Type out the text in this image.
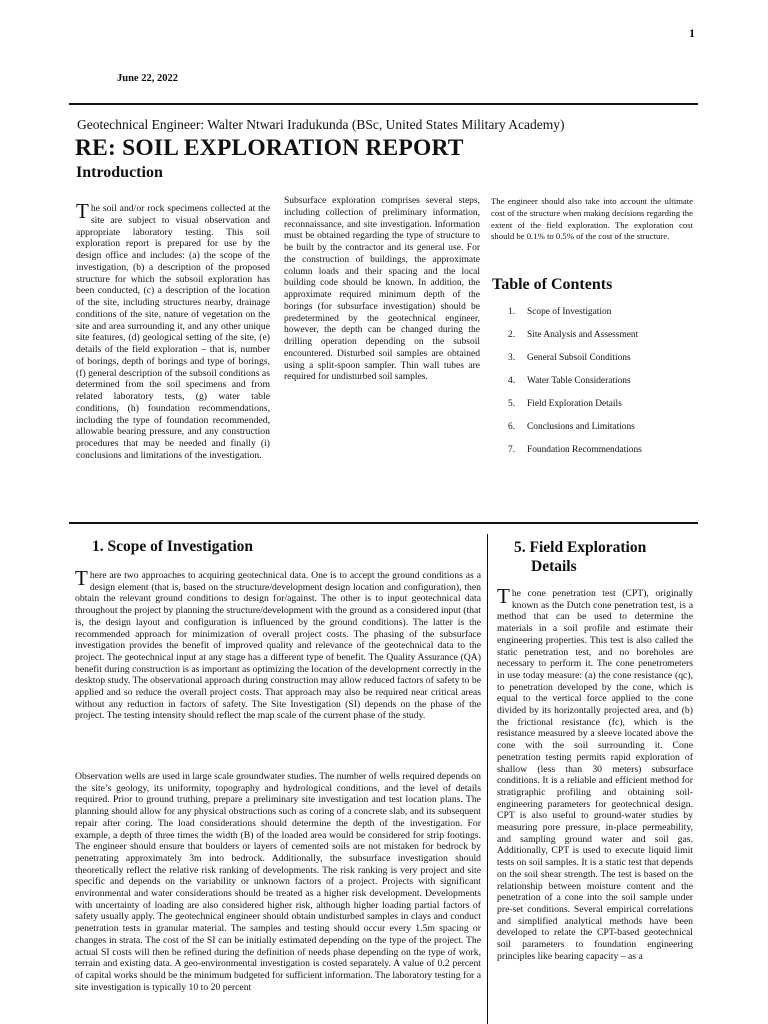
1
June 22, 2022
Geotechnical Engineer: Walter Ntwari Iradukunda (BSc, United States Military Academy)
RE: SOIL EXPLORATION REPORT
Introduction

The soil and/or rock specimens collected at the site are subject to visual observation and appropriate laboratory testing. This soil exploration report is prepared for use by the design office and includes: (a) the scope of the investigation, (b) a description of the proposed structure for which the subsoil exploration has been conducted, (c) a description of the location of the site, including structures nearby, drainage conditions of the site, nature of vegetation on the site and area surrounding it, and any other unique site features, (d) geological setting of the site, (e) details of the field exploration – that is, number of borings, depth of borings and type of borings, (f) general description of the subsoil conditions as determined from the soil specimens and from related laboratory tests, (g) water table conditions, (h) foundation recommendations, including the type of foundation recommended, allowable bearing pressure, and any construction procedures that may be needed and finally (i) conclusions and limitations of the investigation.

Subsurface exploration comprises several steps, including collection of preliminary information, reconnaissance, and site investigation. Information must be obtained regarding the type of structure to be built by the contractor and its general use. For the construction of buildings, the approximate column loads and their spacing and the local building code should be known. In addition, the approximate required minimum depth of the borings (for subsurface investigation) should be predetermined by the geotechnical engineer, however, the depth can be changed during the drilling operation depending on the subsoil encountered. Disturbed soil samples are obtained using a split-spoon sampler. Thin wall tubes are required for undisturbed soil samples.

The engineer should also take into account the ultimate cost of the structure when making decisions regarding the extent of the field exploration. The exploration cost should be 0.1% to 0.5% of the cost of the structure.

Table of Contents
1. Scope of Investigation
2. Site Analysis and Assessment
3. General Subsoil Conditions
4. Water Table Considerations
5. Field Exploration Details
6. Conclusions and Limitations
7. Foundation Recommendations
1. Scope of Investigation

There are two approaches to acquiring geotechnical data. One is to accept the ground conditions as a design element (that is, based on the structure/development design location and configuration), then obtain the relevant ground conditions to design for/against. The other is to input geotechnical data throughout the project by planning the structure/development with the ground as a considered input (that is, the design layout and configuration is influenced by the ground conditions). The latter is the recommended approach for minimization of overall project costs. The phasing of the subsurface investigation provides the benefit of improved quality and relevance of the geotechnical data to the project. The geotechnical input at any stage has a different type of benefit. The Quality Assurance (QA) benefit during construction is as important as optimizing the location of the development correctly in the desktop study. The observational approach during construction may allow reduced factors of safety to be applied and so reduce the overall project costs. That approach may also be required near critical areas without any reduction in factors of safety. The Site Investigation (SI) depends on the phase of the project. The testing intensity should reflect the map scale of the current phase of the study.

Observation wells are used in large scale groundwater studies. The number of wells required depends on the site’s geology, its uniformity, topography and hydrological conditions, and the level of details required. Prior to ground truthing, prepare a preliminary site investigation and test location plans. The planning should allow for any physical obstructions such as coring of a concrete slab, and its subsequent repair after coring. The load considerations should determine the depth of the investigation. For example, a depth of three times the width (B) of the loaded area would be considered for strip footings. The engineer should ensure that boulders or layers of cemented soils are not mistaken for bedrock by penetrating approximately 3m into bedrock. Additionally, the subsurface investigation should theoretically reflect the relative risk ranking of developments. The risk ranking is very project and site specific and depends on the variability or unknown factors of a project. Projects with significant environmental and water considerations should be treated as a higher risk development. Developments with uncertainty of loading are also considered higher risk, although higher loading partial factors of safety usually apply. The geotechnical engineer should obtain undisturbed samples in clays and conduct penetration tests in granular material. The samples and testing should occur every 1.5m spacing or changes in strata. The cost of the SI can be initially estimated depending on the type of the project. The actual SI costs will then be refined during the definition of needs phase depending on the type of work, terrain and existing data. A geo-environmental investigation is costed separately. A value of 0.2 percent of capital works should be the minimum budgeted for sufficient information. The laboratory testing for a site investigation is typically 10 to 20 percent

5. Field Exploration
Details

The cone penetration test (CPT), originally known as the Dutch cone penetration test, is a method that can be used to determine the materials in a soil profile and estimate their engineering properties. This test is also called the static penetration test, and no boreholes are necessary to perform it. The cone penetrometers in use today measure: (a) the cone resistance (qc), to penetration developed by the cone, which is equal to the vertical force applied to the cone divided by its horizontally projected area, and (b) the frictional resistance (fc), which is the resistance measured by a sleeve located above the cone with the soil surrounding it. Cone penetration testing permits rapid exploration of shallow (less than 30 meters) subsurface conditions. It is a reliable and efficient method for stratigraphic profiling and obtaining soil-engineering parameters for geotechnical design. CPT is also useful to ground-water studies by measuring pore pressure, in-place permeability, and sampling ground water and soil gas. Additionally, CPT is used to execute liquid limit tests on soil samples. It is a static test that depends on the soil shear strength. The test is based on the relationship between moisture content and the penetration of a cone into the soil sample under pre-set conditions. Several empirical correlations and simplified analytical methods have been developed to relate the CPT-based geotechnical soil parameters to foundation engineering principles like bearing capacity – as a
